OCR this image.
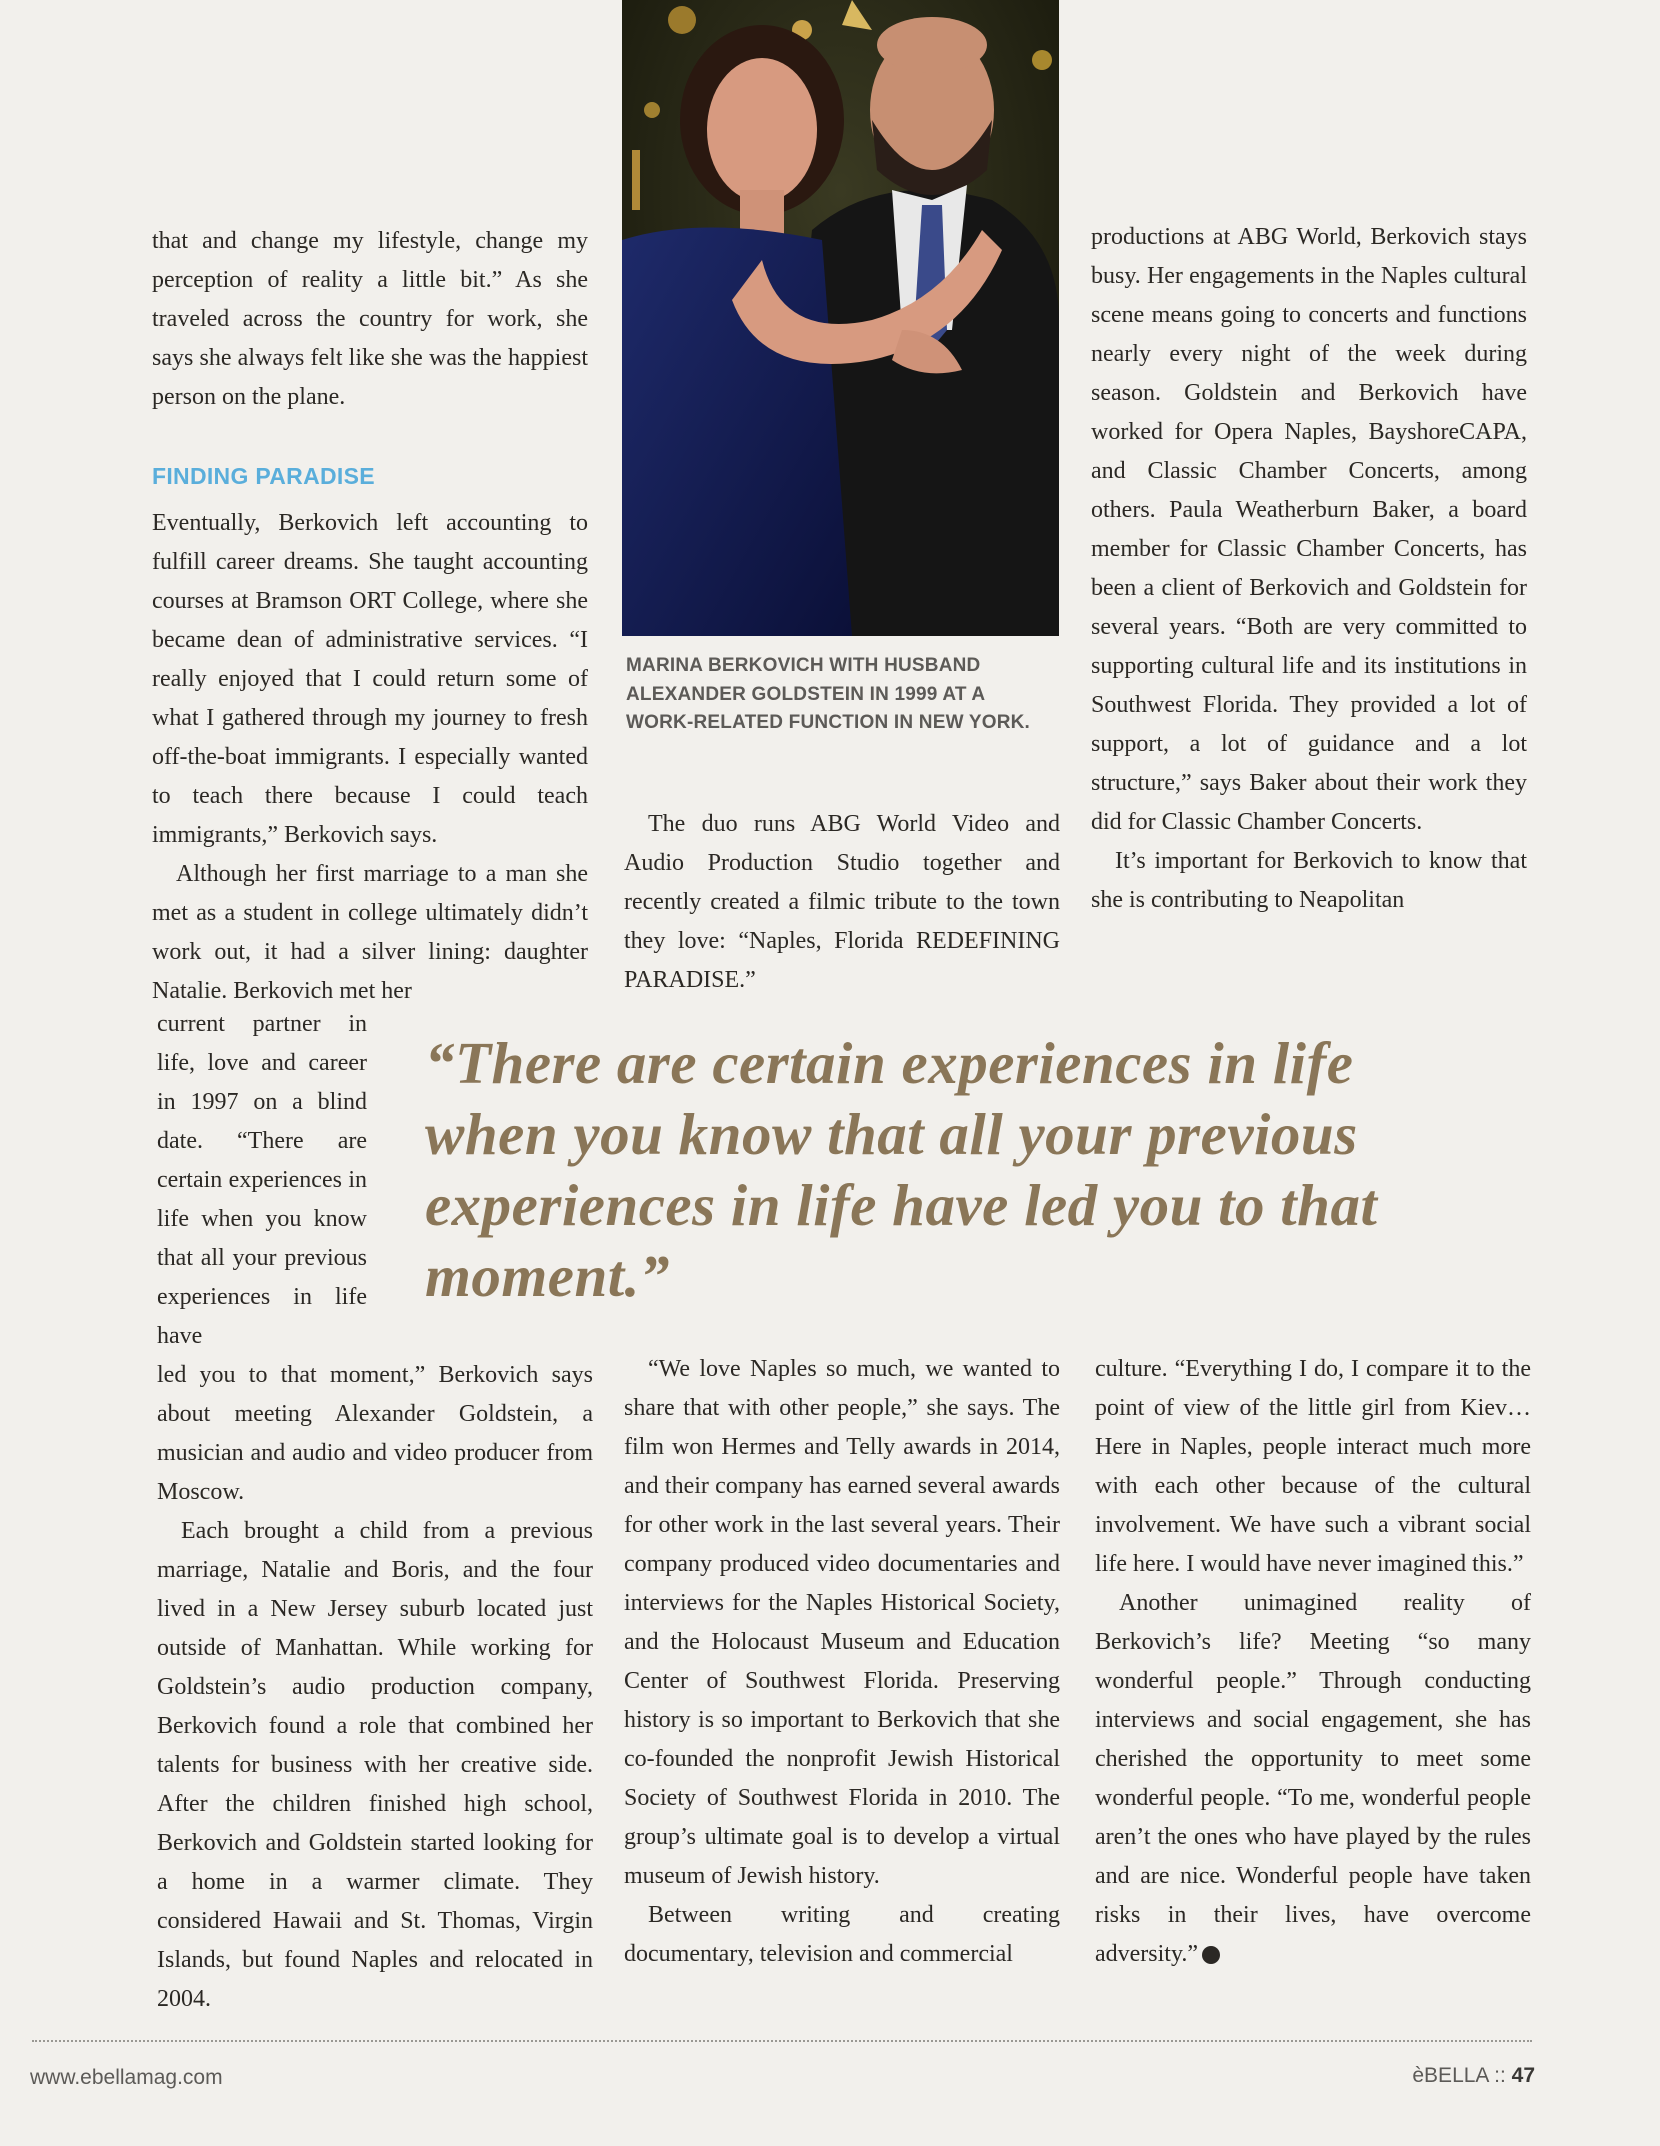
that and change my lifestyle, change my perception of reality a little bit.” As she traveled across the country for work, she says she always felt like she was the happiest person on the plane.

FINDING PARADISE

Eventually, Berkovich left accounting to fulfill career dreams. She taught accounting courses at Bramson ORT College, where she became dean of administrative services. “I really enjoyed that I could return some of what I gathered through my journey to fresh off-the-boat immigrants. I especially wanted to teach there because I could teach immigrants,” Berkovich says.

Although her first marriage to a man she met as a student in college ultimately didn’t work out, it had a silver lining: daughter Natalie. Berkovich met her

current partner in life, love and career in 1997 on a blind date. “There are certain experiences in life when you know that all your previous experiences in life have

led you to that moment,” Berkovich says about meeting Alexander Goldstein, a musician and audio and video producer from Moscow.

Each brought a child from a previous marriage, Natalie and Boris, and the four lived in a New Jersey suburb located just outside of Manhattan. While working for Goldstein’s audio production company, Berkovich found a role that combined her talents for business with her creative side. After the children finished high school, Berkovich and Goldstein started looking for a home in a warmer climate. They considered Hawaii and St. Thomas, Virgin Islands, but found Naples and relocated in 2004.

MARINA BERKOVICH WITH HUSBAND ALEXANDER GOLDSTEIN IN 1999 AT A WORK-RELATED FUNCTION IN NEW YORK.

The duo runs ABG World Video and Audio Production Studio together and recently created a filmic tribute to the town they love: “Naples, Florida REDEFINING PARADISE.”

“We love Naples so much, we wanted to share that with other people,” she says. The film won Hermes and Telly awards in 2014, and their company has earned several awards for other work in the last several years. Their company produced video documentaries and interviews for the Naples Historical Society, and the Holocaust Museum and Education Center of Southwest Florida. Preserving history is so important to Berkovich that she co-founded the nonprofit Jewish Historical Society of Southwest Florida in 2010. The group’s ultimate goal is to develop a virtual museum of Jewish history.

Between writing and creating documentary, television and commercial

productions at ABG World, Berkovich stays busy. Her engagements in the Naples cultural scene means going to concerts and functions nearly every night of the week during season. Goldstein and Berkovich have worked for Opera Naples, BayshoreCAPA, and Classic Chamber Concerts, among others. Paula Weatherburn Baker, a board member for Classic Chamber Concerts, has been a client of Berkovich and Goldstein for several years. “Both are very committed to supporting cultural life and its institutions in Southwest Florida. They provided a lot of support, a lot of guidance and a lot structure,” says Baker about their work they did for Classic Chamber Concerts.

It’s important for Berkovich to know that she is contributing to Neapolitan

culture. “Everything I do, I compare it to the point of view of the little girl from Kiev…Here in Naples, people interact much more with each other because of the cultural involvement. We have such a vibrant social life here. I would have never imagined this.”

Another unimagined reality of Berkovich’s life? Meeting “so many wonderful people.” Through conducting interviews and social engagement, she has cherished the opportunity to meet some wonderful people. “To me, wonderful people aren’t the ones who have played by the rules and are nice. Wonderful people have taken risks in their lives, have overcome adversity.” ✚

“There are certain experiences in life when you know that all your previous experiences in life have led you to that moment.”
www.ebellamag.com	èBELLA :: 47
